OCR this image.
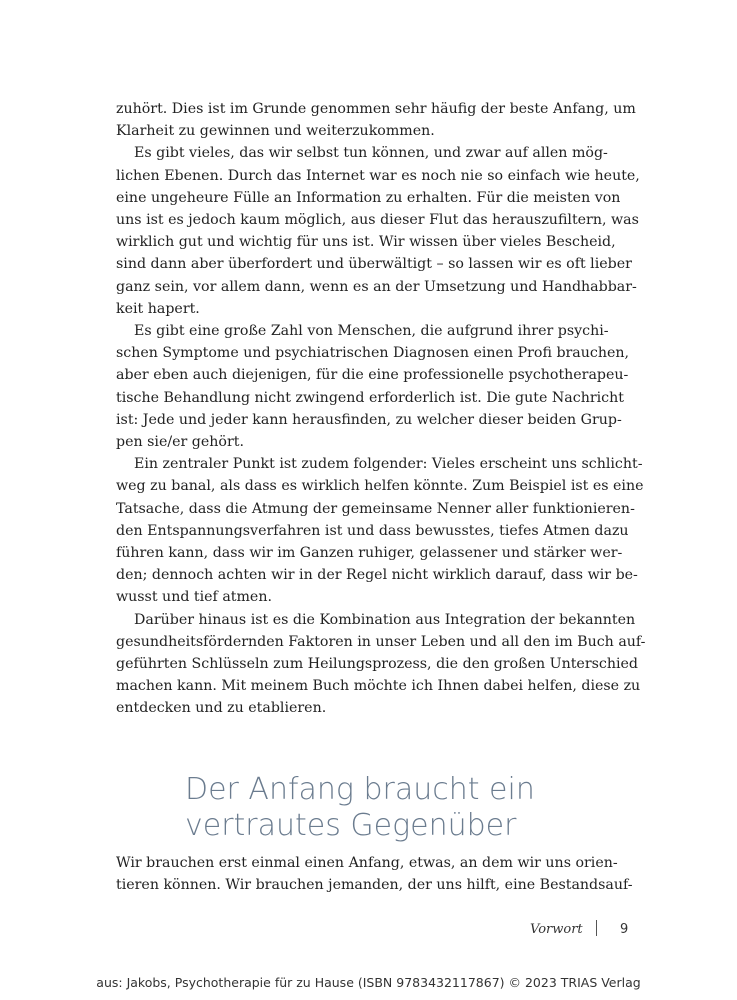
zuhört. Dies ist im Grunde genommen sehr häufig der beste Anfang, um
Klarheit zu gewinnen und weiterzukommen.

Es gibt vieles, das wir selbst tun können, und zwar auf allen mög-
lichen Ebenen. Durch das Internet war es noch nie so einfach wie heute,
eine ungeheure Fülle an Information zu erhalten. Für die meisten von
uns ist es jedoch kaum möglich, aus dieser Flut das herauszufiltern, was
wirklich gut und wichtig für uns ist. Wir wissen über vieles Bescheid,
sind dann aber überfordert und überwältigt – so lassen wir es oft lieber
ganz sein, vor allem dann, wenn es an der Umsetzung und Handhabbar-
keit hapert.

Es gibt eine große Zahl von Menschen, die aufgrund ihrer psychi-
schen Symptome und psychiatrischen Diagnosen einen Profi brauchen,
aber eben auch diejenigen, für die eine professionelle psychotherapeu-
tische Behandlung nicht zwingend erforderlich ist. Die gute Nachricht
ist: Jede und jeder kann herausfinden, zu welcher dieser beiden Grup-
pen sie/er gehört.

Ein zentraler Punkt ist zudem folgender: Vieles erscheint uns schlicht-
weg zu banal, als dass es wirklich helfen könnte. Zum Beispiel ist es eine
Tatsache, dass die Atmung der gemeinsame Nenner aller funktionieren-
den Entspannungsverfahren ist und dass bewusstes, tiefes Atmen dazu
führen kann, dass wir im Ganzen ruhiger, gelassener und stärker wer-
den; dennoch achten wir in der Regel nicht wirklich darauf, dass wir be-
wusst und tief atmen.

Darüber hinaus ist es die Kombination aus Integration der bekannten
gesundheitsfördernden Faktoren in unser Leben und all den im Buch auf-
geführten Schlüsseln zum Heilungsprozess, die den großen Unterschied
machen kann. Mit meinem Buch möchte ich Ihnen dabei helfen, diese zu
entdecken und zu etablieren.

Der Anfang braucht ein
vertrautes Gegenüber

Wir brauchen erst einmal einen Anfang, etwas, an dem wir uns orien-
tieren können. Wir brauchen jemanden, der uns hilft, eine Bestandsauf-

Vorwort	9
aus: Jakobs, Psychotherapie für zu Hause (ISBN 9783432117867) © 2023 TRIAS Verlag
